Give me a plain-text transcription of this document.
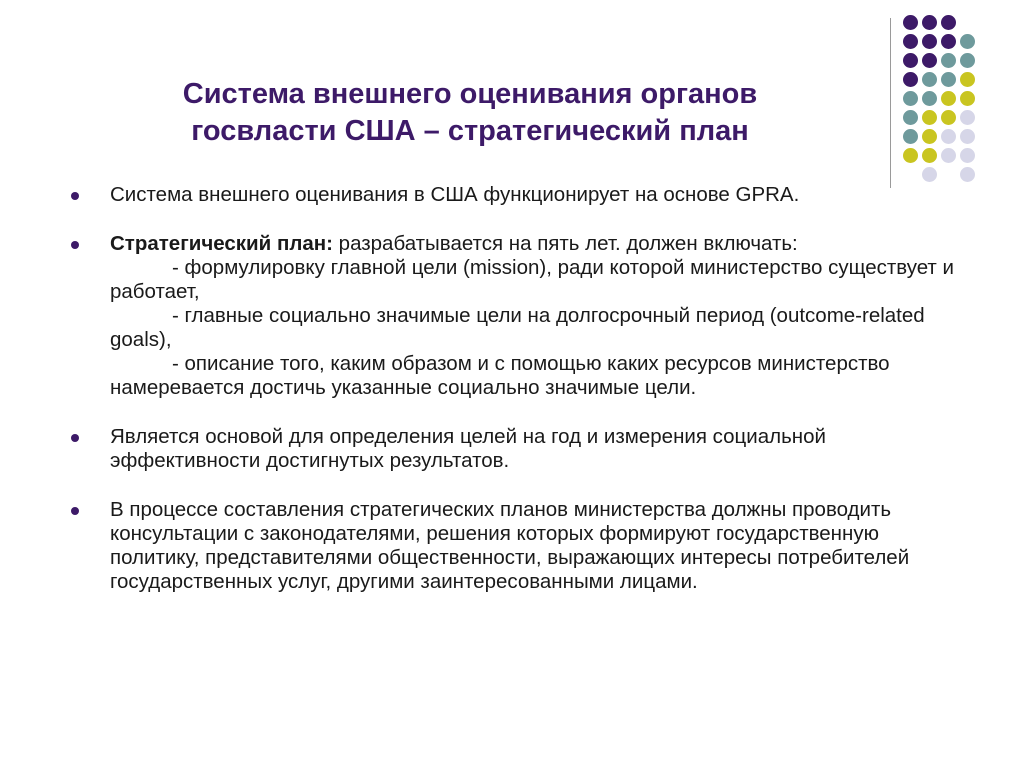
Система внешнего оценивания органов
госвласти США – стратегический план
Система внешнего оценивания в США функционирует на основе GPRA.
Стратегический план: разрабатывается на пять лет. должен включать:
- формулировку главной цели (mission), ради которой министерство существует и работает,
- главные социально значимые цели на долгосрочный период (outcome-related goals),
- описание того, каким образом и с помощью каких ресурсов министерство намеревается достичь указанные социально значимые цели.
Является основой для определения целей на год и измерения социальной эффективности достигнутых результатов.
В процессе составления стратегических планов министерства должны проводить консультации с законодателями, решения которых формируют государственную политику, представителями общественности, выражающих интересы потребителей государственных услуг, другими заинтересованными лицами.
